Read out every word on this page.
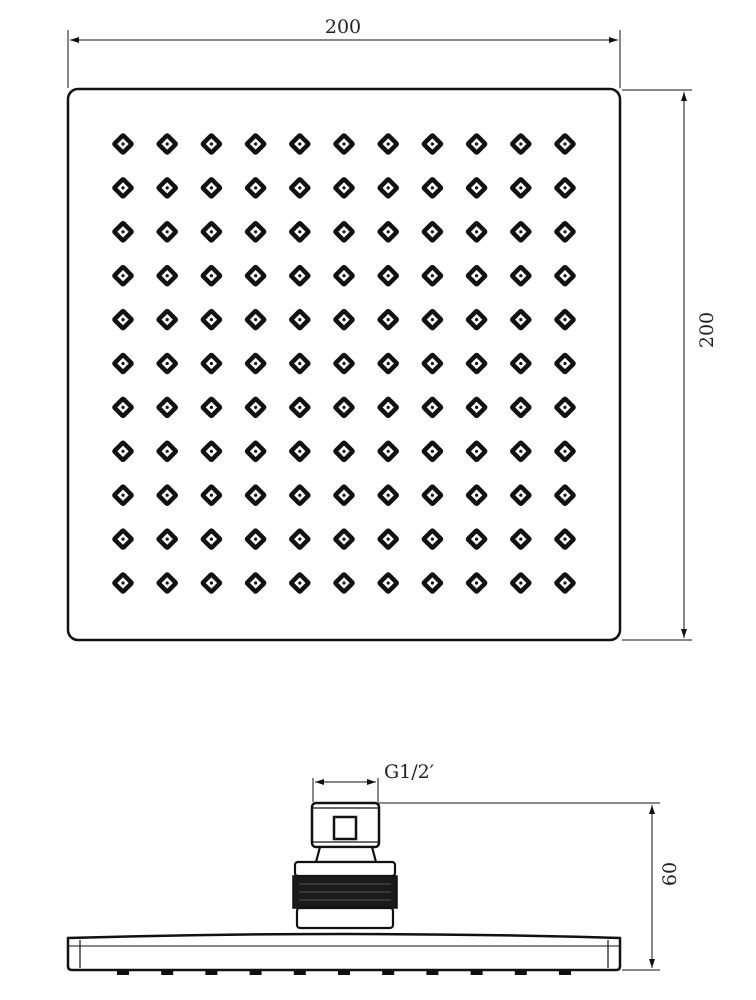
200
200
G1/2′
60
